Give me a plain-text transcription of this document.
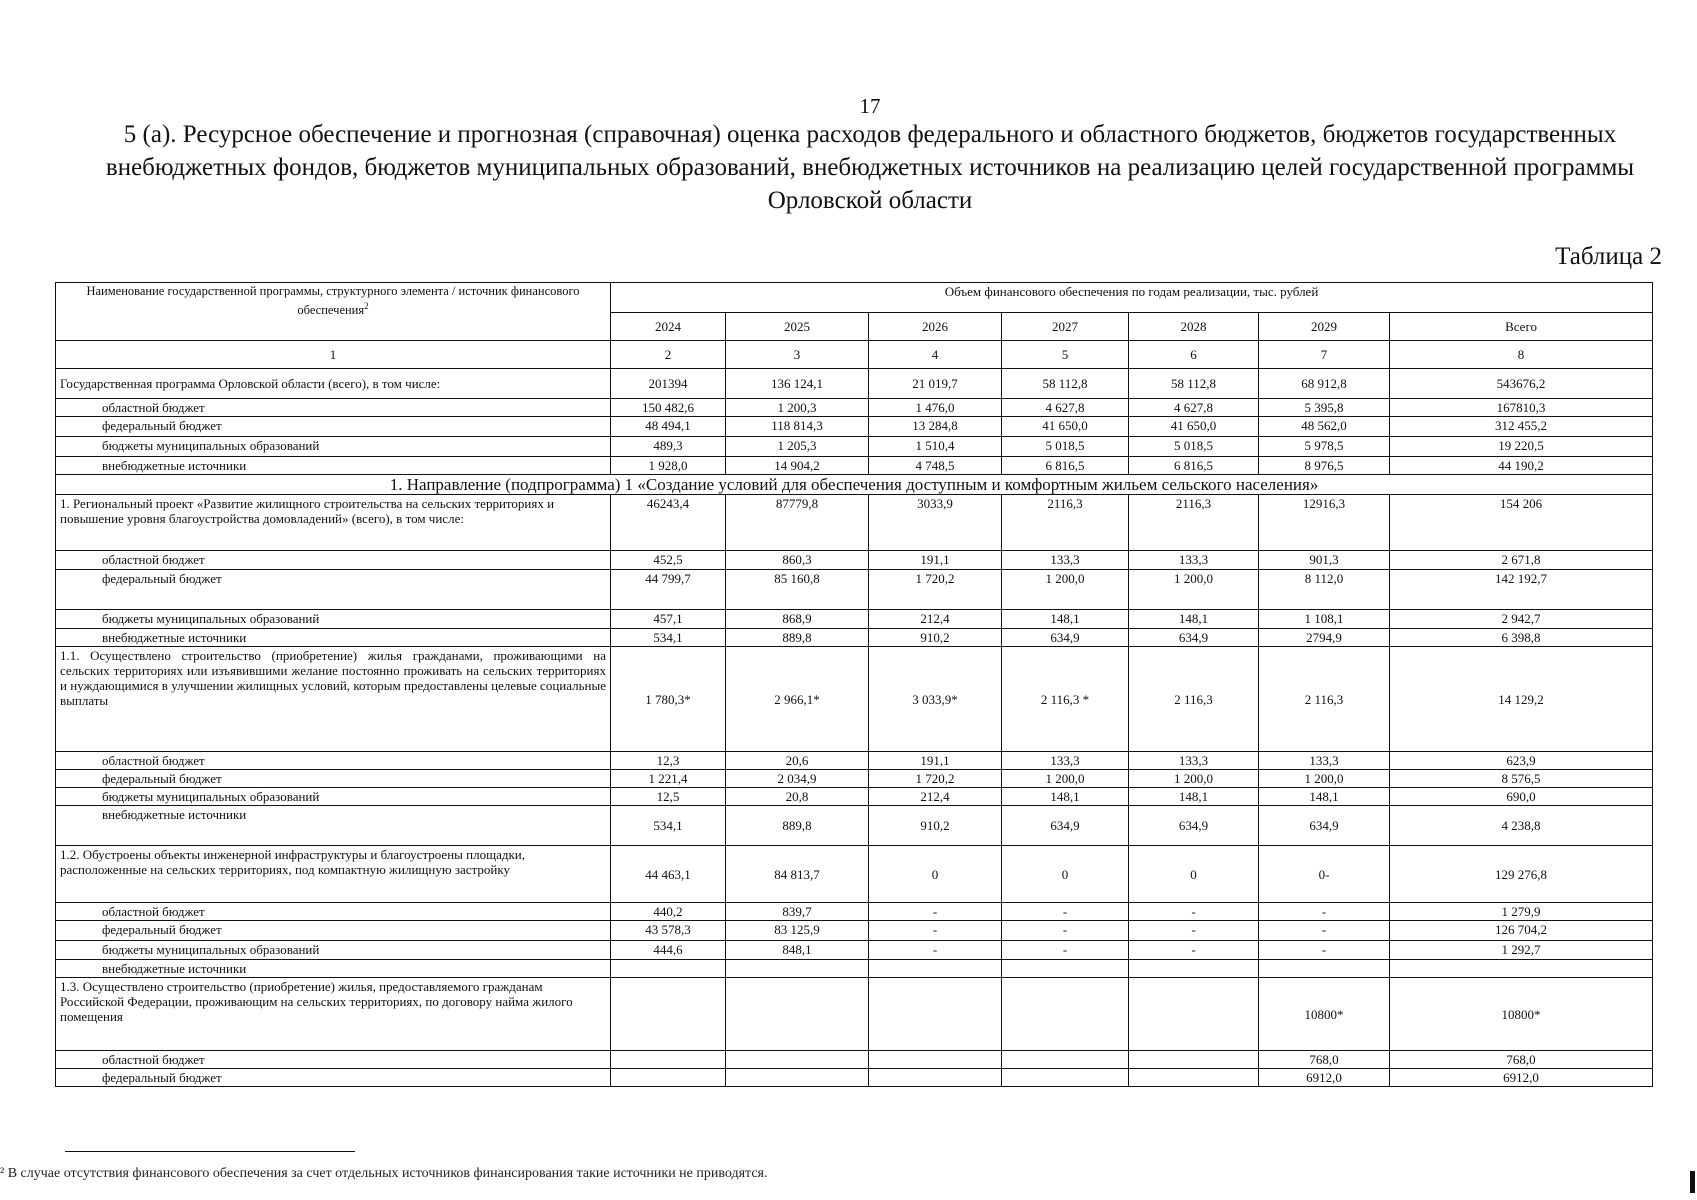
17
5 (а). Ресурсное обеспечение и прогнозная (справочная) оценка расходов федерального и областного бюджетов, бюджетов государственных внебюджетных фондов, бюджетов муниципальных образований, внебюджетных источников на реализацию целей государственной программы Орловской области
Таблица 2
Наименование государственной программы, структурного элемента / источник финансового обеспечения$^2$	Объем финансового обеспечения по годам реализации, тыс. рублей						
	2024	2025	2026	2027	2028	2029	Всего
1	2	3	4	5	6	7	8
Государственная программа Орловской области (всего), в том числе:	201394	136 124,1	21 019,7	58 112,8	58 112,8	68 912,8	543676,2
областной бюджет	150 482,6	1 200,3	1 476,0	4 627,8	4 627,8	5 395,8	167810,3
федеральный бюджет	48 494,1	118 814,3	13 284,8	41 650,0	41 650,0	48 562,0	312 455,2
бюджеты муниципальных образований	489,3	1 205,3	1 510,4	5 018,5	5 018,5	5 978,5	19 220,5
внебюджетные источники	1 928,0	14 904,2	4 748,5	6 816,5	6 816,5	8 976,5	44 190,2
1. Направление (подпрограмма) 1 «Создание условий для обеспечения доступным и комфортным жильем сельского населения»							
1. Региональный проект «Развитие жилищного строительства на сельских территориях и повышение уровня благоустройства домовладений» (всего), в том числе:	46243,4	87779,8	3033,9	2116,3	2116,3	12916,3	154 206
областной бюджет	452,5	860,3	191,1	133,3	133,3	901,3	2 671,8
федеральный бюджет	44 799,7	85 160,8	1 720,2	1 200,0	1 200,0	8 112,0	142 192,7
бюджеты муниципальных образований	457,1	868,9	212,4	148,1	148,1	1 108,1	2 942,7
внебюджетные источники	534,1	889,8	910,2	634,9	634,9	2794,9	6 398,8
1.1. Осуществлено строительство (приобретение) жилья гражданами, проживающими на сельских территориях или изъявившими желание постоянно проживать на сельских территориях и нуждающимися в улучшении жилищных условий, которым предоставлены целевые социальные выплаты	1 780,3*	2 966,1*	3 033,9*	2 116,3 *	2 116,3	2 116,3	14 129,2
областной бюджет	12,3	20,6	191,1	133,3	133,3	133,3	623,9
федеральный бюджет	1 221,4	2 034,9	1 720,2	1 200,0	1 200,0	1 200,0	8 576,5
бюджеты муниципальных образований	12,5	20,8	212,4	148,1	148,1	148,1	690,0
внебюджетные источники	534,1	889,8	910,2	634,9	634,9	634,9	4 238,8
1.2. Обустроены объекты инженерной инфраструктуры и благоустроены площадки, расположенные на сельских территориях, под компактную жилищную застройку	44 463,1	84 813,7	0	0	0	0-	129 276,8
областной бюджет	440,2	839,7	-	-	-	-	1 279,9
федеральный бюджет	43 578,3	83 125,9	-	-	-	-	126 704,2
бюджеты муниципальных образований	444,6	848,1	-	-	-	-	1 292,7
внебюджетные источники							
1.3. Осуществлено строительство (приобретение) жилья, предоставляемого гражданам Российской Федерации, проживающим на сельских территориях, по договору найма жилого помещения						10800*	10800*
областной бюджет						768,0	768,0
федеральный бюджет						6912,0	6912,0
² В случае отсутствия финансового обеспечения за счет отдельных источников финансирования такие источники не приводятся.
